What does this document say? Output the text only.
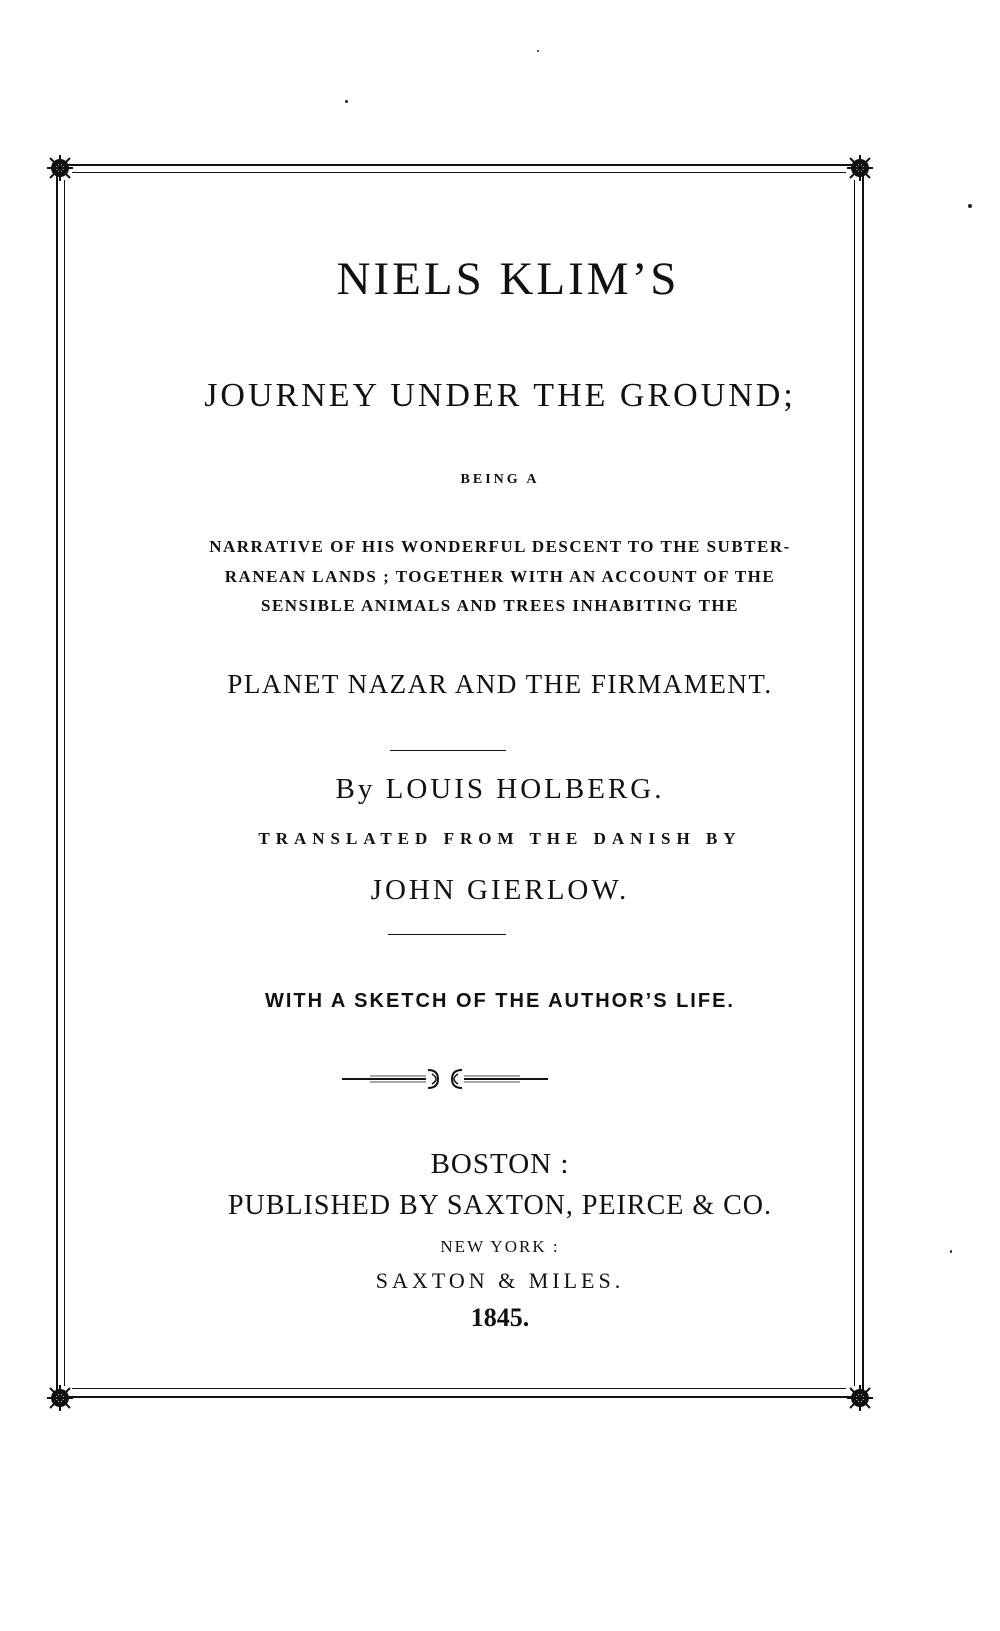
NIELS KLIM’S
JOURNEY UNDER THE GROUND;
BEING A
NARRATIVE OF HIS WONDERFUL DESCENT TO THE SUBTER-
RANEAN LANDS ; TOGETHER WITH AN ACCOUNT OF THE
SENSIBLE ANIMALS AND TREES INHABITING THE
PLANET NAZAR AND THE FIRMAMENT.
By LOUIS HOLBERG.
TRANSLATED FROM THE DANISH BY
JOHN GIERLOW.
WITH A SKETCH OF THE AUTHOR’S LIFE.
BOSTON :
PUBLISHED BY SAXTON, PEIRCE & CO.
NEW YORK :
SAXTON & MILES.
1845.
